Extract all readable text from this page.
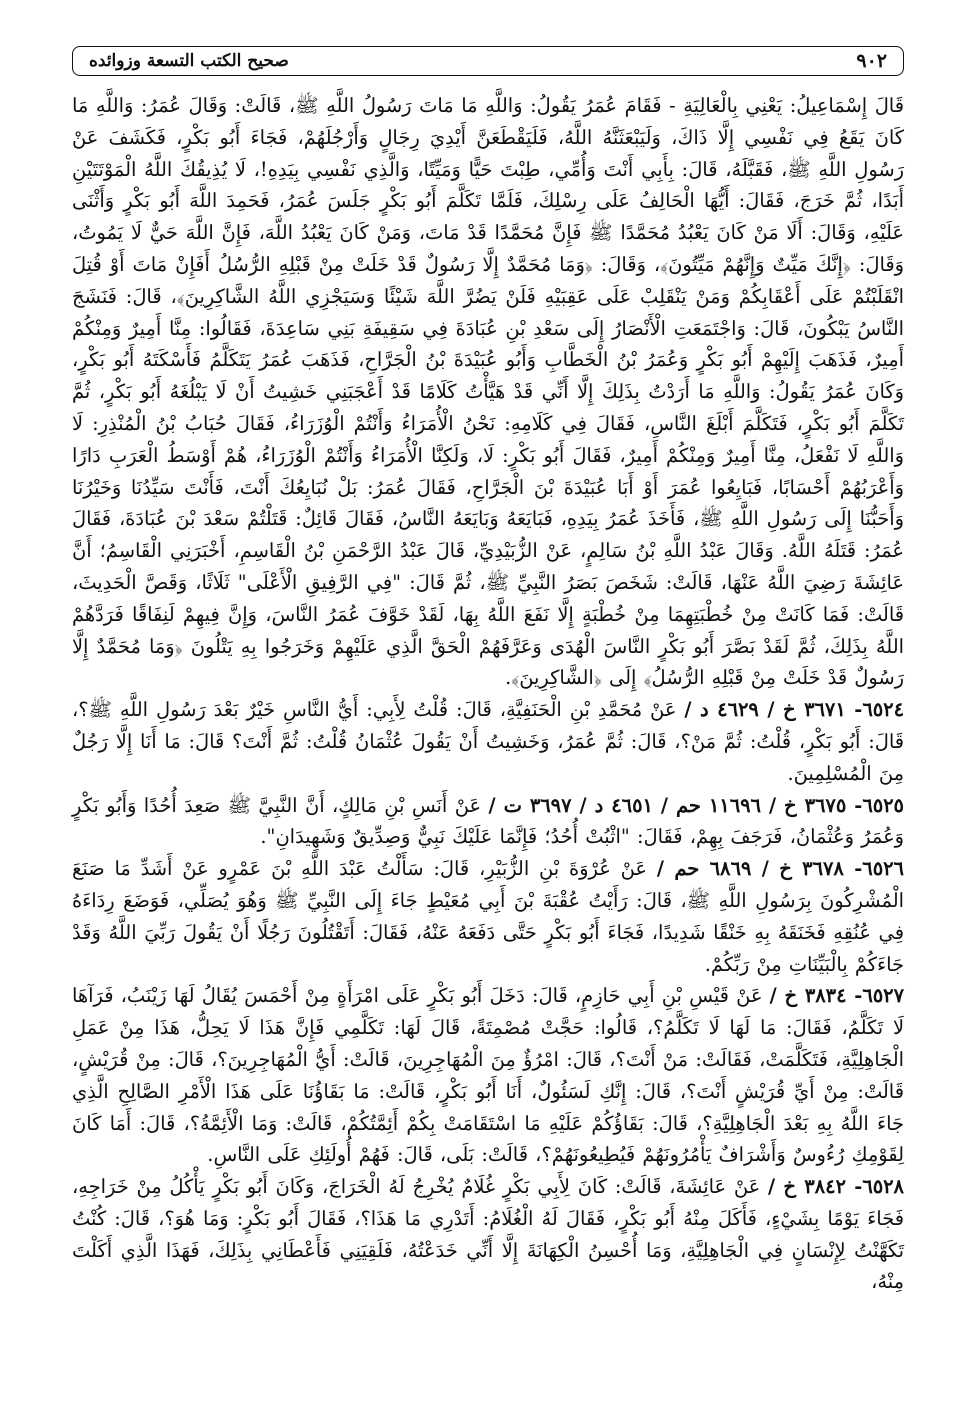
٩٠٢
صحيح الكتب التسعة وزوائده

قَالَ إِسْمَاعِيلُ: يَعْنِي بِالْعَالِيَةِ - فَقَامَ عُمَرُ يَقُولُ: وَاللَّهِ مَا مَاتَ رَسُولُ اللَّهِ ﷺ، قَالَتْ: وَقَالَ عُمَرُ: وَاللَّهِ مَا كَانَ يَقَعُ فِي نَفْسِي إِلَّا ذَاكَ، وَلَيَبْعَثَنَّهُ اللَّهُ، فَلَيَقْطَعَنَّ أَيْدِيَ رِجَالٍ وَأَرْجُلَهُمْ، فَجَاءَ أَبُو بَكْرٍ، فَكَشَفَ عَنْ رَسُولِ اللَّهِ ﷺ، فَقَبَّلَهُ، قَالَ: بِأَبِي أَنْتَ وَأُمِّي، طِبْتَ حَيًّا وَمَيِّتًا، وَالَّذِي نَفْسِي بِيَدِهِ!، لَا يُذِيقُكَ اللَّهُ الْمَوْتَتَيْنِ أَبَدًا، ثُمَّ خَرَجَ، فَقَالَ: أَيُّهَا الْحَالِفُ عَلَى رِسْلِكَ، فَلَمَّا تَكَلَّمَ أَبُو بَكْرٍ جَلَسَ عُمَرُ، فَحَمِدَ اللَّهَ أَبُو بَكْرٍ وَأَثْنَى عَلَيْهِ، وَقَالَ: أَلَا مَنْ كَانَ يَعْبُدُ مُحَمَّدًا ﷺ فَإِنَّ مُحَمَّدًا قَدْ مَاتَ، وَمَنْ كَانَ يَعْبُدُ اللَّهَ، فَإِنَّ اللَّهَ حَيٌّ لَا يَمُوتُ، وَقَالَ: ﴿إِنَّكَ مَيِّتٌ وَإِنَّهُمْ مَيِّتُونَ﴾، وَقَالَ: ﴿وَمَا مُحَمَّدٌ إِلَّا رَسُولٌ قَدْ خَلَتْ مِنْ قَبْلِهِ الرُّسُلُ أَفَإِنْ مَاتَ أَوْ قُتِلَ انْقَلَبْتُمْ عَلَى أَعْقَابِكُمْ وَمَنْ يَنْقَلِبْ عَلَى عَقِبَيْهِ فَلَنْ يَضُرَّ اللَّهَ شَيْئًا وَسَيَجْزِي اللَّهُ الشَّاكِرِينَ﴾، قَالَ: فَنَشَجَ النَّاسُ يَبْكُونَ، قَالَ: وَاجْتَمَعَتِ الْأَنْصَارُ إِلَى سَعْدِ بْنِ عُبَادَةَ فِي سَقِيفَةِ بَنِي سَاعِدَةَ، فَقَالُوا: مِنَّا أَمِيرٌ وَمِنْكُمْ أَمِيرٌ، فَذَهَبَ إِلَيْهِمْ أَبُو بَكْرٍ وَعُمَرُ بْنُ الْخَطَّابِ وَأَبُو عُبَيْدَةَ بْنُ الْجَرَّاحِ، فَذَهَبَ عُمَرُ يَتَكَلَّمُ فَأَسْكَتَهُ أَبُو بَكْرٍ، وَكَانَ عُمَرُ يَقُولُ: وَاللَّهِ مَا أَرَدْتُ بِذَلِكَ إِلَّا أَنِّي قَدْ هَيَّأْتُ كَلَامًا قَدْ أَعْجَبَنِي خَشِيتُ أَنْ لَا يَبْلُغَهُ أَبُو بَكْرٍ، ثُمَّ تَكَلَّمَ أَبُو بَكْرٍ، فَتَكَلَّمَ أَبْلَغَ النَّاسِ، فَقَالَ فِي كَلَامِهِ: نَحْنُ الْأُمَرَاءُ وَأَنْتُمْ الْوُزَرَاءُ، فَقَالَ حُبَابُ بْنُ الْمُنْذِرِ: لَا وَاللَّهِ لَا نَفْعَلُ، مِنَّا أَمِيرٌ وَمِنْكُمْ أَمِيرٌ، فَقَالَ أَبُو بَكْرٍ: لَا، وَلَكِنَّا الْأُمَرَاءُ وَأَنْتُمْ الْوُزَرَاءُ، هُمْ أَوْسَطُ الْعَرَبِ دَارًا وَأَعْرَبُهُمْ أَحْسَابًا، فَبَايِعُوا عُمَرَ أَوْ أَبَا عُبَيْدَةَ بْنَ الْجَرَّاحِ، فَقَالَ عُمَرُ: بَلْ نُبَايِعُكَ أَنْتَ، فَأَنْتَ سَيِّدُنَا وَخَيْرُنَا وَأَحَبُّنَا إِلَى رَسُولِ اللَّهِ ﷺ، فَأَخَذَ عُمَرُ بِيَدِهِ، فَبَايَعَهُ وَبَايَعَهُ النَّاسُ، فَقَالَ قَائِلٌ: قَتَلْتُمْ سَعْدَ بْنَ عُبَادَةَ، فَقَالَ عُمَرُ: قَتَلَهُ اللَّهُ. وَقَالَ عَبْدُ اللَّهِ بْنُ سَالِمٍ، عَنْ الزُّبَيْدِيِّ، قَالَ عَبْدُ الرَّحْمَنِ بْنُ الْقَاسِمِ، أَخْبَرَنِي الْقَاسِمُ؛ أَنَّ عَائِشَةَ رَضِيَ اللَّهُ عَنْهَا، قَالَتْ: شَخَصَ بَصَرُ النَّبِيِّ ﷺ، ثُمَّ قَالَ: "فِي الرَّفِيقِ الْأَعْلَى" ثَلَاثًا، وَقَصَّ الْحَدِيثَ، قَالَتْ: فَمَا كَانَتْ مِنْ خُطْبَتِهِمَا مِنْ خُطْبَةٍ إِلَّا نَفَعَ اللَّهُ بِهَا، لَقَدْ خَوَّفَ عُمَرُ النَّاسَ، وَإِنَّ فِيهِمْ لَنِفَاقًا فَرَدَّهُمْ اللَّهُ بِذَلِكَ، ثُمَّ لَقَدْ بَصَّرَ أَبُو بَكْرٍ النَّاسَ الْهُدَى وَعَرَّفَهُمْ الْحَقَّ الَّذِي عَلَيْهِمْ وَخَرَجُوا بِهِ يَتْلُونَ ﴿وَمَا مُحَمَّدٌ إِلَّا رَسُولٌ قَدْ خَلَتْ مِنْ قَبْلِهِ الرُّسُلُ﴾ إِلَى ﴿الشَّاكِرِينَ﴾.

٦٥٢٤- ٣٦٧١ خ / ٤٦٢٩ د / عَنْ مُحَمَّدِ بْنِ الْحَنَفِيَّةِ، قَالَ: قُلْتُ لِأَبِي: أَيُّ النَّاسِ خَيْرٌ بَعْدَ رَسُولِ اللَّهِ ﷺ؟، قَالَ: أَبُو بَكْرٍ، قُلْتُ: ثُمَّ مَنْ؟، قَالَ: ثُمَّ عُمَرُ، وَخَشِيتُ أَنْ يَقُولَ عُثْمَانُ قُلْتُ: ثُمَّ أَنْتَ؟ قَالَ: مَا أَنَا إِلَّا رَجُلٌ مِنَ الْمُسْلِمِينَ.

٦٥٢٥- ٣٦٧٥ خ / ١١٦٩٦ حم / ٤٦٥١ د / ٣٦٩٧ ت / عَنْ أَنَسِ بْنِ مَالِكٍ، أَنَّ النَّبِيَّ ﷺ صَعِدَ أُحُدًا وَأَبُو بَكْرٍ وَعُمَرُ وَعُثْمَانُ، فَرَجَفَ بِهِمْ، فَقَالَ: "اثْبُتْ أُحُدُ؛ فَإِنَّمَا عَلَيْكَ نَبِيٌّ وَصِدِّيقٌ وَشَهِيدَانِ".

٦٥٢٦- ٣٦٧٨ خ / ٦٨٦٩ حم / عَنْ عُرْوَةَ بْنِ الزُّبَيْرِ، قَالَ: سَأَلْتُ عَبْدَ اللَّهِ بْنَ عَمْرٍو عَنْ أَشَدِّ مَا صَنَعَ الْمُشْرِكُونَ بِرَسُولِ اللَّهِ ﷺ، قَالَ: رَأَيْتُ عُقْبَةَ بْنَ أَبِي مُعَيْطٍ جَاءَ إِلَى النَّبِيِّ ﷺ وَهُوَ يُصَلِّي، فَوَضَعَ رِدَاءَهُ فِي عُنُقِهِ فَخَنَقَهُ بِهِ خَنْقًا شَدِيدًا، فَجَاءَ أَبُو بَكْرٍ حَتَّى دَفَعَهُ عَنْهُ، فَقَالَ: أَتَقْتُلُونَ رَجُلًا أَنْ يَقُولَ رَبِّيَ اللَّهُ وَقَدْ جَاءَكُمْ بِالْبَيِّنَاتِ مِنْ رَبِّكُمْ.

٦٥٢٧- ٣٨٣٤ خ / عَنْ قَيْسِ بْنِ أَبِي حَازِمٍ، قَالَ: دَخَلَ أَبُو بَكْرٍ عَلَى امْرَأَةٍ مِنْ أَحْمَسَ يُقَالُ لَهَا زَيْنَبُ، فَرَآهَا لَا تَكَلَّمُ، فَقَالَ: مَا لَهَا لَا تَكَلَّمُ؟، قَالُوا: حَجَّتْ مُصْمِتَةً، قَالَ لَهَا: تَكَلَّمِي فَإِنَّ هَذَا لَا يَحِلُّ، هَذَا مِنْ عَمَلِ الْجَاهِلِيَّةِ، فَتَكَلَّمَتْ، فَقَالَتْ: مَنْ أَنْتَ؟، قَالَ: امْرُؤٌ مِنَ الْمُهَاجِرِينَ، قَالَتْ: أَيُّ الْمُهَاجِرِينَ؟، قَالَ: مِنْ قُرَيْشٍ، قَالَتْ: مِنْ أَيِّ قُرَيْشٍ أَنْتَ؟، قَالَ: إِنَّكِ لَسَئُولٌ، أَنَا أَبُو بَكْرٍ، قَالَتْ: مَا بَقَاؤُنَا عَلَى هَذَا الْأَمْرِ الصَّالِحِ الَّذِي جَاءَ اللَّهُ بِهِ بَعْدَ الْجَاهِلِيَّةِ؟، قَالَ: بَقَاؤُكُمْ عَلَيْهِ مَا اسْتَقَامَتْ بِكُمْ أَئِمَّتُكُمْ، قَالَتْ: وَمَا الْأَئِمَّةُ؟، قَالَ: أَمَا كَانَ لِقَوْمِكِ رُءُوسٌ وَأَشْرَافٌ يَأْمُرُونَهُمْ فَيُطِيعُونَهُمْ؟، قَالَتْ: بَلَى، قَالَ: فَهُمْ أُولَئِكِ عَلَى النَّاسِ.

٦٥٢٨- ٣٨٤٢ خ / عَنْ عَائِشَةَ، قَالَتْ: كَانَ لِأَبِي بَكْرٍ غُلَامٌ يُخْرِجُ لَهُ الْخَرَاجَ، وَكَانَ أَبُو بَكْرٍ يَأْكُلُ مِنْ خَرَاجِهِ، فَجَاءَ يَوْمًا بِشَيْءٍ، فَأَكَلَ مِنْهُ أَبُو بَكْرٍ، فَقَالَ لَهُ الْغُلَامُ: أَتَدْرِي مَا هَذَا؟، فَقَالَ أَبُو بَكْرٍ: وَمَا هُوَ؟، قَالَ: كُنْتُ تَكَهَّنْتُ لِإِنْسَانٍ فِي الْجَاهِلِيَّةِ، وَمَا أُحْسِنُ الْكِهَانَةَ إِلَّا أَنِّي خَدَعْتُهُ، فَلَقِيَنِي فَأَعْطَانِي بِذَلِكَ، فَهَذَا الَّذِي أَكَلْتَ مِنْهُ،
